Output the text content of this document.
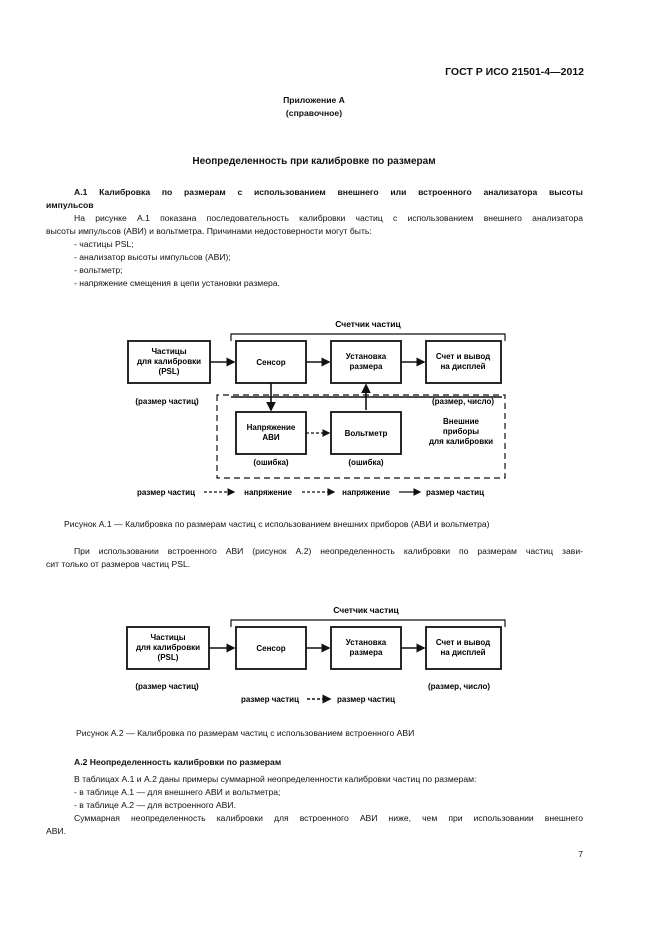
ГОСТ Р ИСО 21501-4—2012
Приложение А
(справочное)
Неопределенность при калибровке по размерам
А.1 Калибровка по размерам с использованием внешнего или встроенного анализатора высоты
импульсов
На рисунке А.1 показана последовательность калибровки частиц с использованием внешнего анализатора
высоты импульсов (АВИ) и вольтметра. Причинами недостоверности могут быть:
- частицы PSL;
- анализатор высоты импульсов (АВИ);
- вольтметр;
- напряжение смещения в цепи установки размера.
Счетчик частиц
Частицы
для калибровки
(PSL)
Сенсор
Установка
размера
Счет и вывод
на дисплей
(размер частиц)	(размер, число)
Напряжение
АВИ	Вольтметр
(ошибка)	(ошибка)
Внешние
приборы
для калибровки
размер частиц	напряжение	напряжение	размер частиц
Рисунок А.1 — Калибровка по размерам частиц с использованием внешних приборов (АВИ и вольтметра)
При использовании встроенного АВИ (рисунок А.2) неопределенность калибровки по размерам частиц зави-
сит только от размеров частиц PSL.
Счетчик частиц
Частицы
для калибровки
(PSL)
Сенсор
Установка
размера
Счет и вывод
на дисплей
(размер частиц)	(размер, число)
размер частиц	размер частиц
Рисунок А.2 — Калибровка по размерам частиц с использованием встроенного АВИ
А.2 Неопределенность калибровки по размерам
В таблицах А.1 и А.2 даны примеры суммарной неопределенности калибровки частиц по размерам:
- в таблице А.1 — для внешнего АВИ и вольтметра;
- в таблице А.2 — для встроенного АВИ.
Суммарная неопределенность калибровки для встроенного АВИ ниже, чем при использовании внешнего
АВИ.
7
